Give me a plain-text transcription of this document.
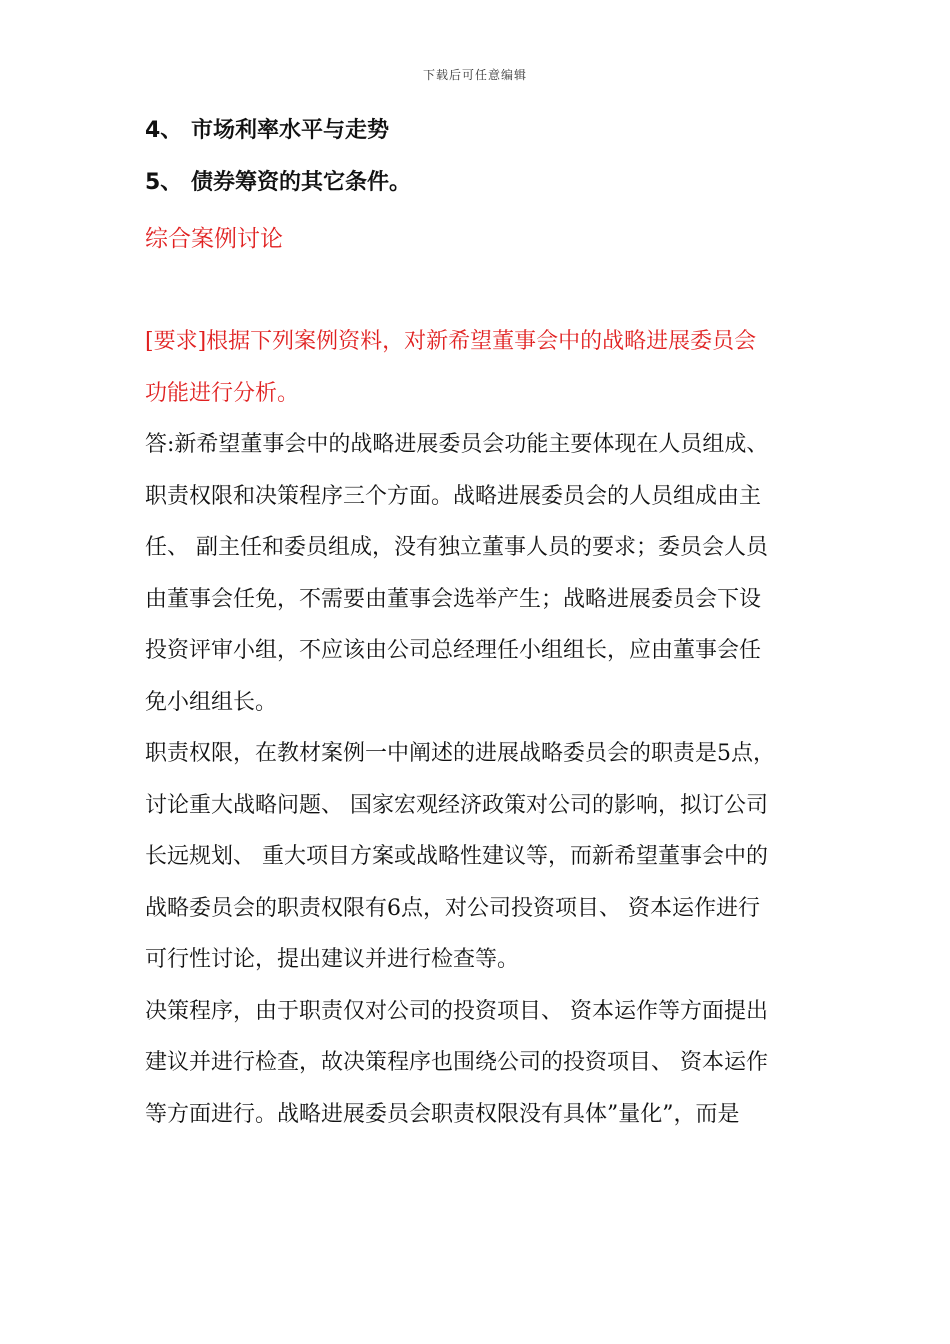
下载后可任意编辑
4、 市场利率水平与走势
5、 债券筹资的其它条件。
综合案例讨论

[要求]根据下列案例资料，对新希望董事会中的战略进展委员会
功能进行分析。

答:新希望董事会中的战略进展委员会功能主要体现在人员组成、
职责权限和决策程序三个方面。战略进展委员会的人员组成由主
任、 副主任和委员组成，没有独立董事人员的要求；委员会人员
由董事会任免，不需要由董事会选举产生；战略进展委员会下设
投资评审小组，不应该由公司总经理任小组组长，应由董事会任
免小组组长。

职责权限，在教材案例一中阐述的进展战略委员会的职责是5点，
讨论重大战略问题、 国家宏观经济政策对公司的影响，拟订公司
长远规划、 重大项目方案或战略性建议等，而新希望董事会中的
战略委员会的职责权限有6点，对公司投资项目、 资本运作进行
可行性讨论，提出建议并进行检查等。

决策程序，由于职责仅对公司的投资项目、 资本运作等方面提出
建议并进行检查，故决策程序也围绕公司的投资项目、 资本运作
等方面进行。战略进展委员会职责权限没有具体”量化”，而是
